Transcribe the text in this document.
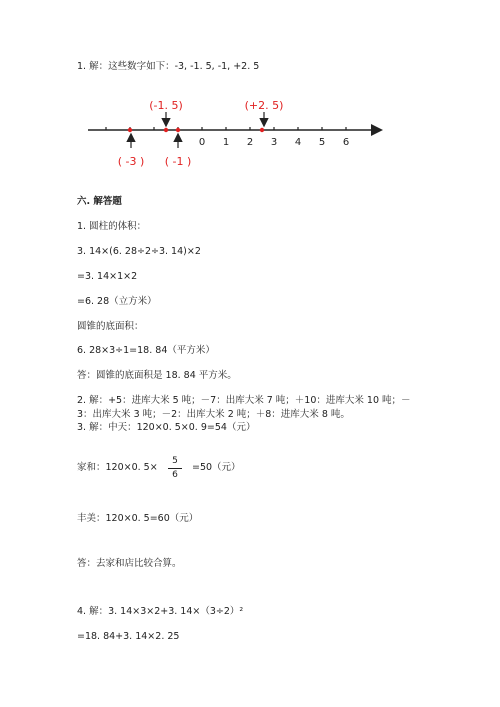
1. 解：这些数字如下：-3, -1. 5, -1, +2. 5
0 1 2 3 4 5 6
(-1. 5)	(+2. 5)
( -3 ) ( -1 )
六. 解答题
1. 圆柱的体积：
3. 14×(6. 28÷2÷3. 14)×2
=3. 14×1×2
=6. 28（立方米）
圆锥的底面积：
6. 28×3÷1=18. 84（平方米）
答：圆锥的底面积是 18. 84 平方米。
2. 解：+5：进库大米 5 吨；－7：出库大米 7 吨；＋10：进库大米 10 吨；－
3：出库大米 3 吨；－2：出库大米 2 吨；＋8：进库大米 8 吨。
3. 解：中天：120×0. 5×0. 9=54（元）
家和：120×0. 5×
5
6
=50（元）
丰美：120×0. 5=60（元）
答：去家和店比较合算。
4. 解：3. 14×3×2+3. 14×（3÷2）²
=18. 84+3. 14×2. 25
